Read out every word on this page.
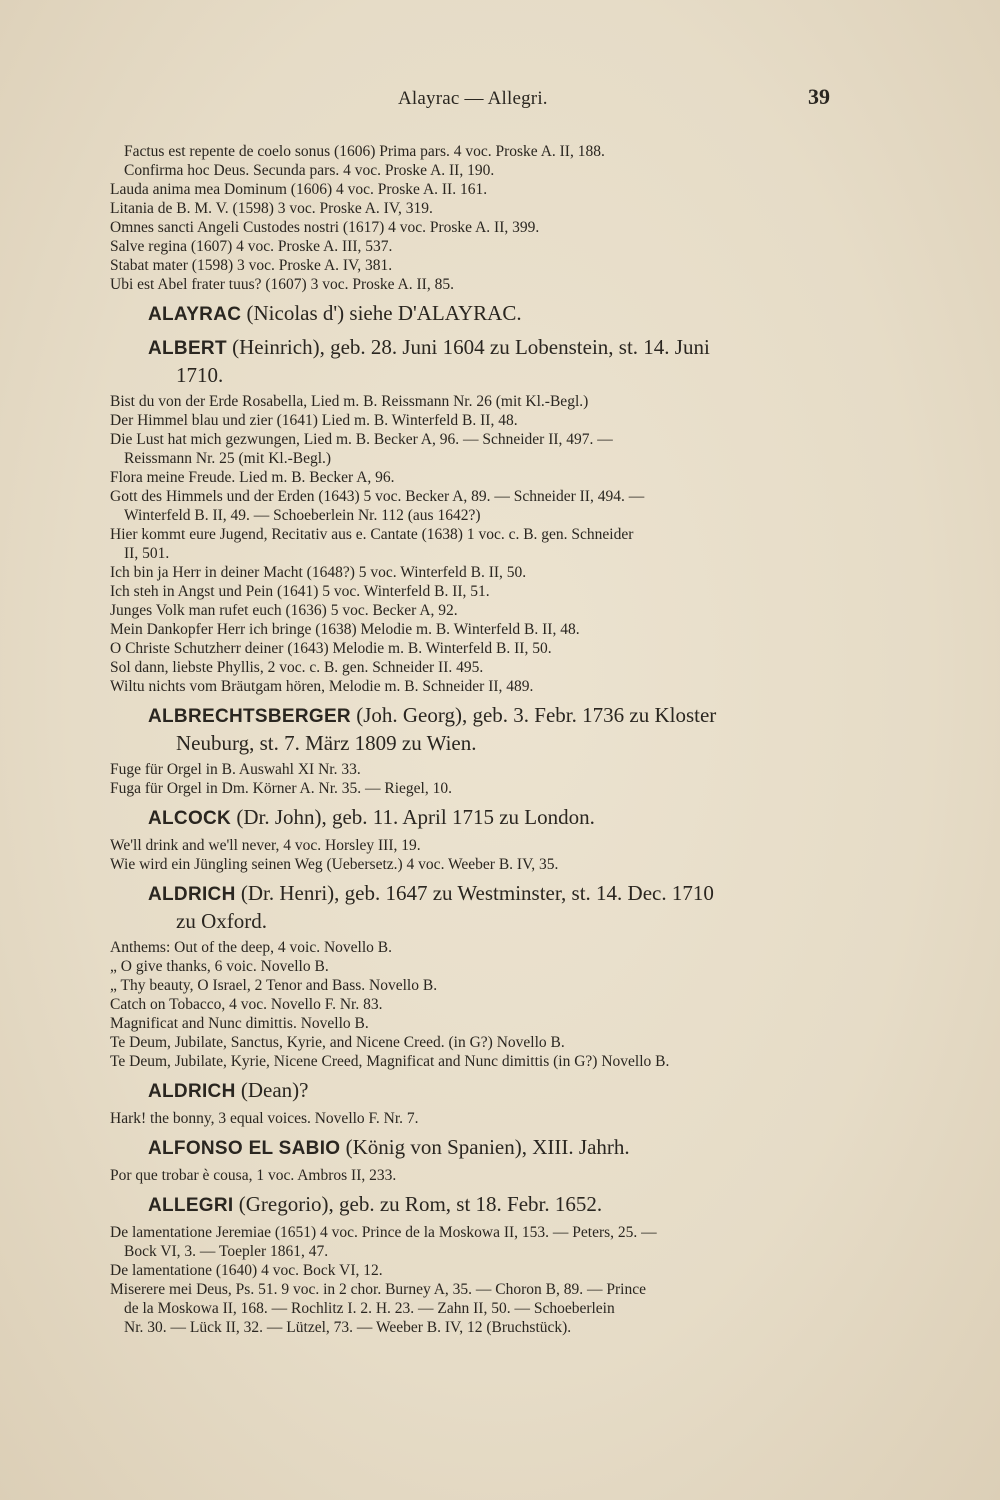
Alayrac — Allegri.	39
Factus est repente de coelo sonus (1606) Prima pars. 4 voc. Proske A. II, 188.
Confirma hoc Deus. Secunda pars. 4 voc. Proske A. II, 190.
Lauda anima mea Dominum (1606) 4 voc. Proske A. II. 161.
Litania de B. M. V. (1598) 3 voc. Proske A. IV, 319.
Omnes sancti Angeli Custodes nostri (1617) 4 voc. Proske A. II, 399.
Salve regina (1607) 4 voc. Proske A. III, 537.
Stabat mater (1598) 3 voc. Proske A. IV, 381.
Ubi est Abel frater tuus? (1607) 3 voc. Proske A. II, 85.
ALAYRAC (Nicolas d') siehe D'ALAYRAC.
ALBERT (Heinrich), geb. 28. Juni 1604 zu Lobenstein, st. 14. Juni
1710.
Bist du von der Erde Rosabella, Lied m. B. Reissmann Nr. 26 (mit Kl.-Begl.)
Der Himmel blau und zier (1641) Lied m. B. Winterfeld B. II, 48.
Die Lust hat mich gezwungen, Lied m. B. Becker A, 96. — Schneider II, 497. —
Reissmann Nr. 25 (mit Kl.-Begl.)
Flora meine Freude. Lied m. B. Becker A, 96.
Gott des Himmels und der Erden (1643) 5 voc. Becker A, 89. — Schneider II, 494. —
Winterfeld B. II, 49. — Schoeberlein Nr. 112 (aus 1642?)
Hier kommt eure Jugend, Recitativ aus e. Cantate (1638) 1 voc. c. B. gen. Schneider
II, 501.
Ich bin ja Herr in deiner Macht (1648?) 5 voc. Winterfeld B. II, 50.
Ich steh in Angst und Pein (1641) 5 voc. Winterfeld B. II, 51.
Junges Volk man rufet euch (1636) 5 voc. Becker A, 92.
Mein Dankopfer Herr ich bringe (1638) Melodie m. B. Winterfeld B. II, 48.
O Christe Schutzherr deiner (1643) Melodie m. B. Winterfeld B. II, 50.
Sol dann, liebste Phyllis, 2 voc. c. B. gen. Schneider II. 495.
Wiltu nichts vom Bräutgam hören, Melodie m. B. Schneider II, 489.
ALBRECHTSBERGER (Joh. Georg), geb. 3. Febr. 1736 zu Kloster
Neuburg, st. 7. März 1809 zu Wien.
Fuge für Orgel in B. Auswahl XI Nr. 33.
Fuga für Orgel in Dm. Körner A. Nr. 35. — Riegel, 10.
ALCOCK (Dr. John), geb. 11. April 1715 zu London.
We'll drink and we'll never, 4 voc. Horsley III, 19.
Wie wird ein Jüngling seinen Weg (Uebersetz.) 4 voc. Weeber B. IV, 35.
ALDRICH (Dr. Henri), geb. 1647 zu Westminster, st. 14. Dec. 1710
zu Oxford.
Anthems: Out of the deep, 4 voic. Novello B.
„ O give thanks, 6 voic. Novello B.
„ Thy beauty, O Israel, 2 Tenor and Bass. Novello B.
Catch on Tobacco, 4 voc. Novello F. Nr. 83.
Magnificat and Nunc dimittis. Novello B.
Te Deum, Jubilate, Sanctus, Kyrie, and Nicene Creed. (in G?) Novello B.
Te Deum, Jubilate, Kyrie, Nicene Creed, Magnificat and Nunc dimittis (in G?) Novello B.
ALDRICH (Dean)?
Hark! the bonny, 3 equal voices. Novello F. Nr. 7.
ALFONSO EL SABIO (König von Spanien), XIII. Jahrh.
Por que trobar è cousa, 1 voc. Ambros II, 233.
ALLEGRI (Gregorio), geb. zu Rom, st 18. Febr. 1652.
De lamentatione Jeremiae (1651) 4 voc. Prince de la Moskowa II, 153. — Peters, 25. —
Bock VI, 3. — Toepler 1861, 47.
De lamentatione (1640) 4 voc. Bock VI, 12.
Miserere mei Deus, Ps. 51. 9 voc. in 2 chor. Burney A, 35. — Choron B, 89. — Prince
de la Moskowa II, 168. — Rochlitz I. 2. H. 23. — Zahn II, 50. — Schoeberlein
Nr. 30. — Lück II, 32. — Lützel, 73. — Weeber B. IV, 12 (Bruchstück).
